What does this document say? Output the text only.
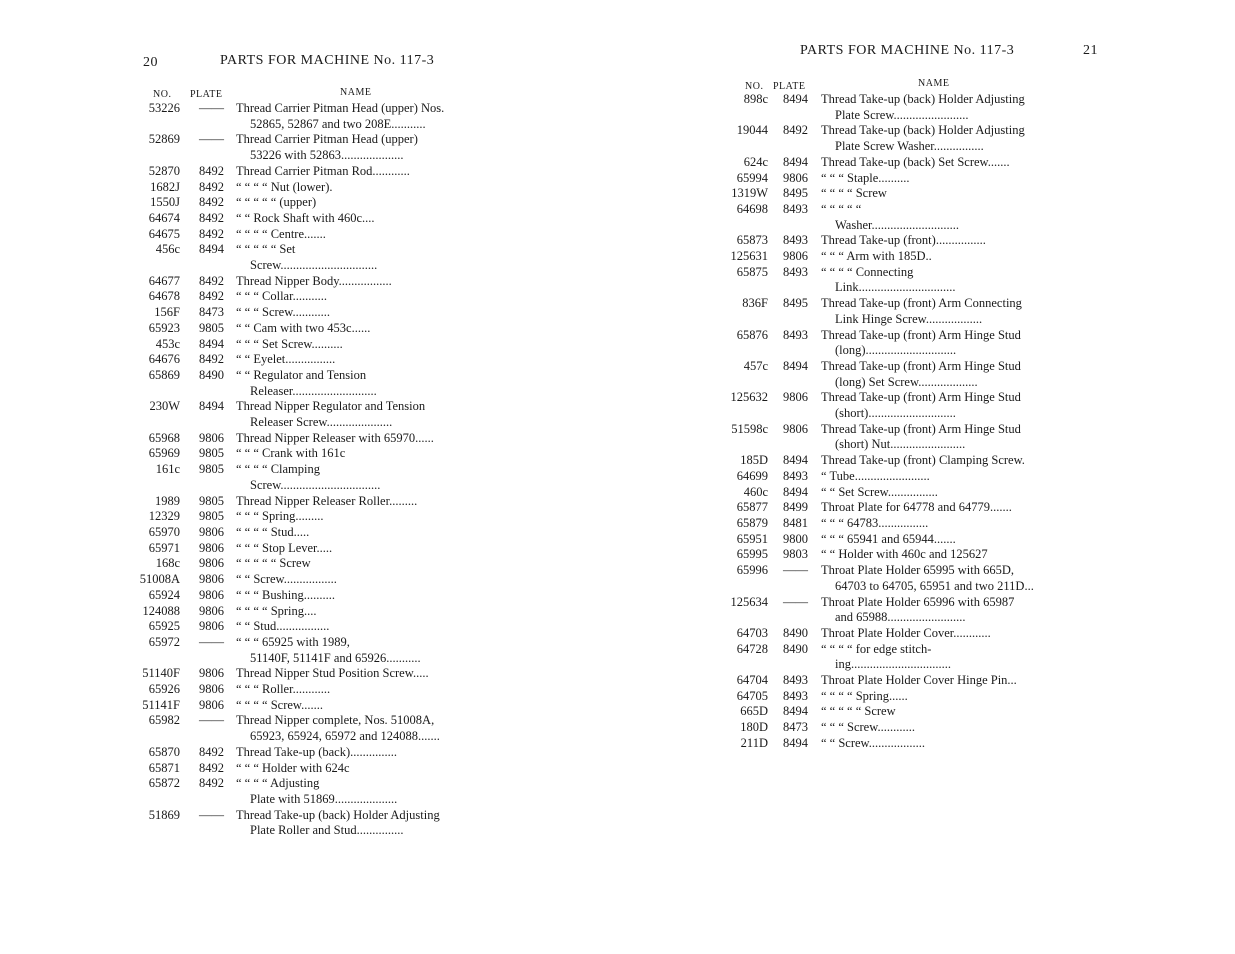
20	PARTS FOR MACHINE No. 117-3
NO. PLATE	NAME
53226	—— Thread Carrier Pitman Head (upper) Nos.
52865, 52867 and two 208E...........
52869	—— Thread Carrier Pitman Head (upper)
53226 with 52863....................
52870	8492 Thread Carrier Pitman Rod............
1682J	8492 “ “ “ “ Nut (lower).
1550J	8492 “ “ “ “ “ (upper)
64674	8492 “ “ Rock Shaft with 460c....
64675	8492 “ “ “ “ Centre.......
456c	8494 “ “ “ “ “ Set
Screw...............................
64677	8492 Thread Nipper Body.................
64678	8492 “ “ “ Collar...........
156F	8473 “ “ “ Screw............
65923	9805 “ “ Cam with two 453c......
453c	8494 “ “ “ Set Screw..........
64676	8492 “ “ Eyelet................
65869	8490 “ “ Regulator and Tension
Releaser...........................
230W	8494 Thread Nipper Regulator and Tension
Releaser Screw.....................
65968	9806 Thread Nipper Releaser with 65970......
65969	9805 “ “ “ Crank with 161c
161c	9805 “ “ “ “ Clamping
Screw................................
1989	9805 Thread Nipper Releaser Roller.........
12329	9805 “ “ “ Spring.........
65970	9806 “ “ “ “ Stud.....
65971	9806 “ “ “ Stop Lever.....
168c	9806 “ “ “ “ “ Screw
51008A	9806 “ “ Screw.................
65924	9806 “ “ “ Bushing..........
124088	9806 “ “ “ “ Spring....
65925	9806 “ “ Stud.................
65972	—— “ “ “ 65925 with 1989,
51140F, 51141F and 65926...........
51140F	9806 Thread Nipper Stud Position Screw.....
65926	9806 “ “ “ Roller............
51141F	9806 “ “ “ “ Screw.......
65982	—— Thread Nipper complete, Nos. 51008A,
65923, 65924, 65972 and 124088.......
65870	8492 Thread Take-up (back)...............
65871	8492 “ “ “ Holder with 624c
65872	8492 “ “ “ “ Adjusting
Plate with 51869....................
51869	—— Thread Take-up (back) Holder Adjusting
Plate Roller and Stud...............
PARTS FOR MACHINE No. 117-3	21
NO. PLATE	NAME
898c	8494	Thread Take-up (back) Holder Adjusting
Plate Screw........................
19044	8492	Thread Take-up (back) Holder Adjusting
Plate Screw Washer................
624c	8494	Thread Take-up (back) Set Screw.......
65994	9806	“ “ “ Staple..........
1319W	8495	“ “ “ “ Screw
64698	8493	“ “ “ “ “
Washer............................
65873	8493	Thread Take-up (front)................
125631	9806	“ “ “ Arm with 185D..
65875	8493	“ “ “ “ Connecting
Link...............................
836F	8495	Thread Take-up (front) Arm Connecting
Link Hinge Screw..................
65876	8493	Thread Take-up (front) Arm Hinge Stud
(long).............................
457c	8494	Thread Take-up (front) Arm Hinge Stud
(long) Set Screw...................
125632	9806	Thread Take-up (front) Arm Hinge Stud
(short)............................
51598c	9806	Thread Take-up (front) Arm Hinge Stud
(short) Nut........................
185D	8494	Thread Take-up (front) Clamping Screw.
64699	8493	“ Tube........................
460c	8494	“ “ Set Screw................
65877	8499	Throat Plate for 64778 and 64779.......
65879	8481	“ “ “ 64783................
65951	9800	“ “ “ 65941 and 65944.......
65995	9803	“ “ Holder with 460c and 125627
65996	——	Throat Plate Holder 65995 with 665D,
64703 to 64705, 65951 and two 211D...
125634	——	Throat Plate Holder 65996 with 65987
and 65988.........................
64703	8490	Throat Plate Holder Cover............
64728	8490	“ “ “ “ for edge stitch-
ing................................
64704	8493	Throat Plate Holder Cover Hinge Pin...
64705	8493	“ “ “ “ Spring......
665D	8494	“ “ “ “ “ Screw
180D	8473	“ “ “ Screw............
211D	8494	“ “ Screw..................
